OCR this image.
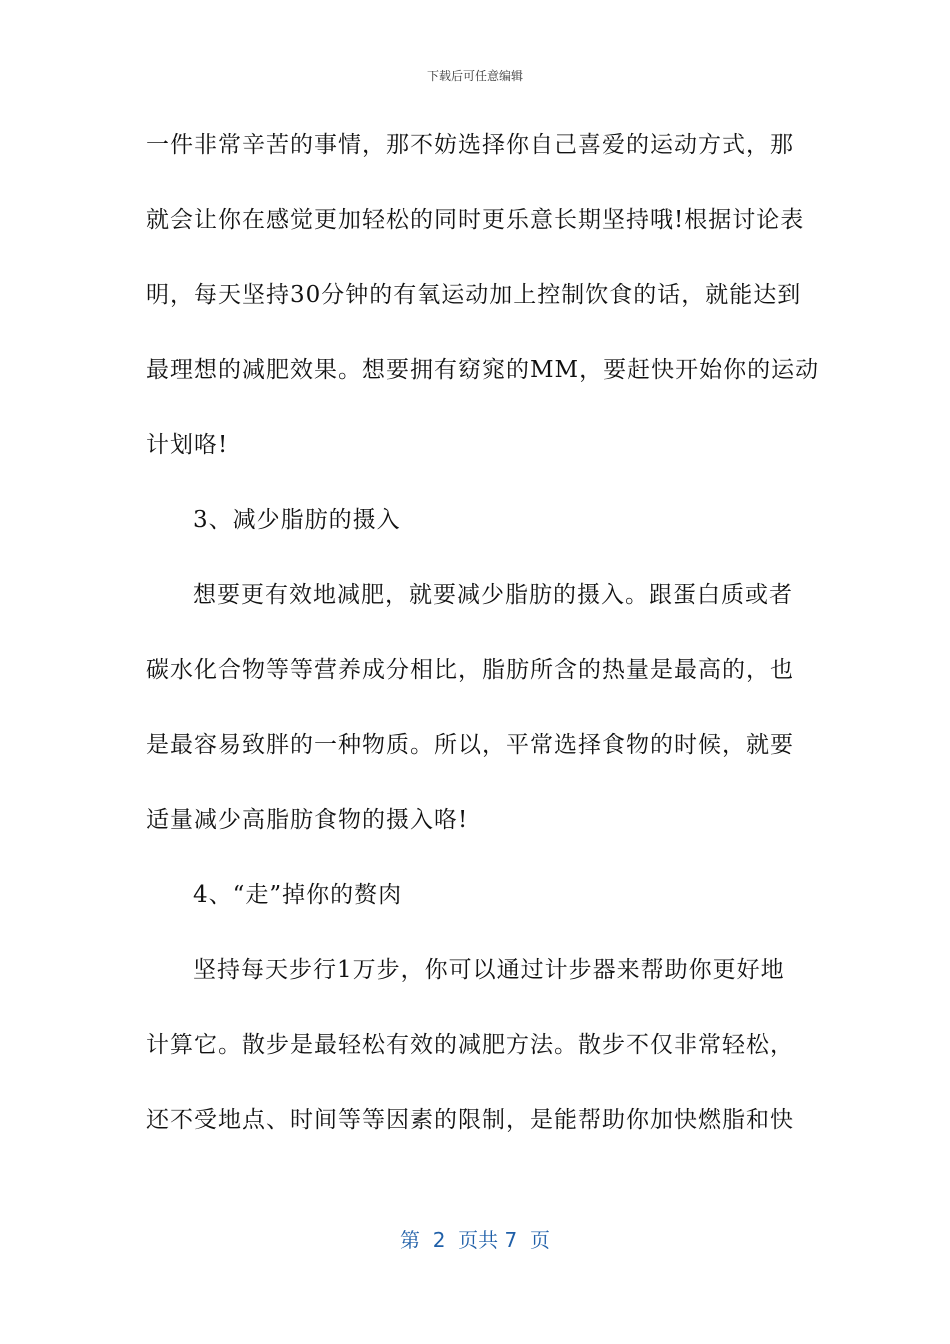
下载后可任意编辑
一件非常辛苦的事情，那不妨选择你自己喜爱的运动方式，那
就会让你在感觉更加轻松的同时更乐意长期坚持哦!根据讨论表
明，每天坚持30分钟的有氧运动加上控制饮食的话，就能达到
最理想的减肥效果。想要拥有窈窕的MM，要赶快开始你的运动
计划咯!
3、减少脂肪的摄入
想要更有效地减肥，就要减少脂肪的摄入。跟蛋白质或者
碳水化合物等等营养成分相比，脂肪所含的热量是最高的，也
是最容易致胖的一种物质。所以，平常选择食物的时候，就要
适量减少高脂肪食物的摄入咯!
4、“走”掉你的赘肉
坚持每天步行1万步，你可以通过计步器来帮助你更好地
计算它。散步是最轻松有效的减肥方法。散步不仅非常轻松，
还不受地点、时间等等因素的限制，是能帮助你加快燃脂和快
第  2  页共 7  页
